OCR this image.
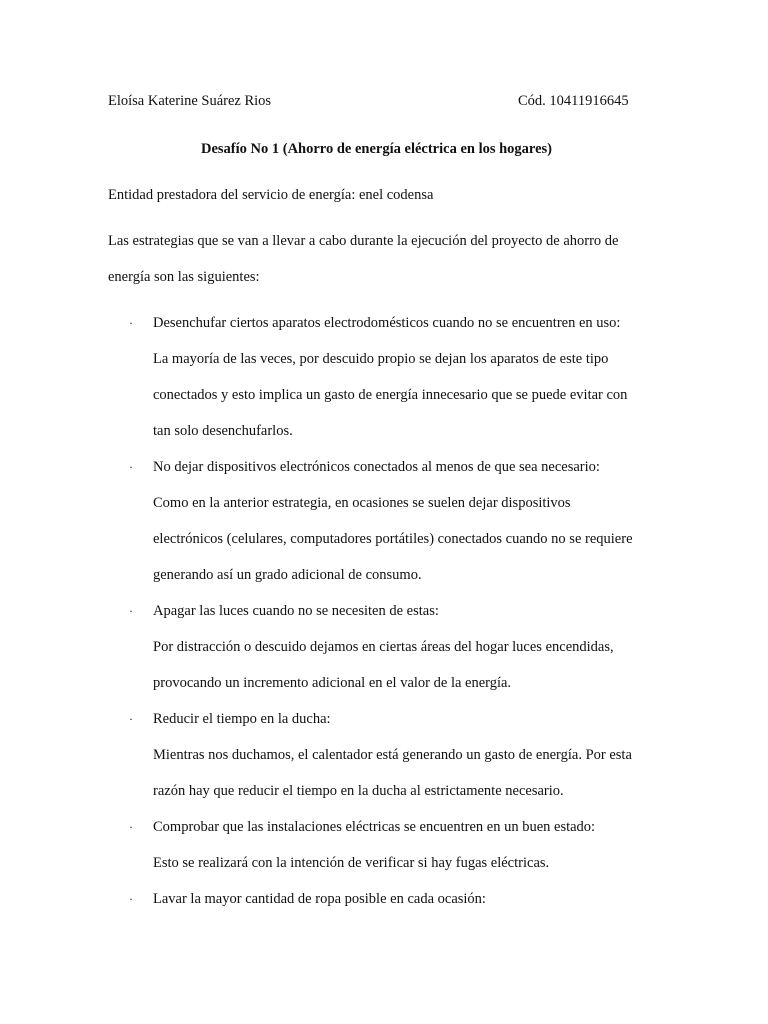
Eloísa Katerine Suárez Rios	Cód. 10411916645
Desafío No 1 (Ahorro de energía eléctrica en los hogares)
Entidad prestadora del servicio de energía: enel codensa
Las estrategias que se van a llevar a cabo durante la ejecución del proyecto de ahorro de
energía son las siguientes:
· Desenchufar ciertos aparatos electrodomésticos cuando no se encuentren en uso:
La mayoría de las veces, por descuido propio se dejan los aparatos de este tipo
conectados y esto implica un gasto de energía innecesario que se puede evitar con
tan solo desenchufarlos.
· No dejar dispositivos electrónicos conectados al menos de que sea necesario:
Como en la anterior estrategia, en ocasiones se suelen dejar dispositivos
electrónicos (celulares, computadores portátiles) conectados cuando no se requiere
generando así un grado adicional de consumo.
· Apagar las luces cuando no se necesiten de estas:
Por distracción o descuido dejamos en ciertas áreas del hogar luces encendidas,
provocando un incremento adicional en el valor de la energía.
· Reducir el tiempo en la ducha:
Mientras nos duchamos, el calentador está generando un gasto de energía. Por esta
razón hay que reducir el tiempo en la ducha al estrictamente necesario.
· Comprobar que las instalaciones eléctricas se encuentren en un buen estado:
Esto se realizará con la intención de verificar si hay fugas eléctricas.
· Lavar la mayor cantidad de ropa posible en cada ocasión:
